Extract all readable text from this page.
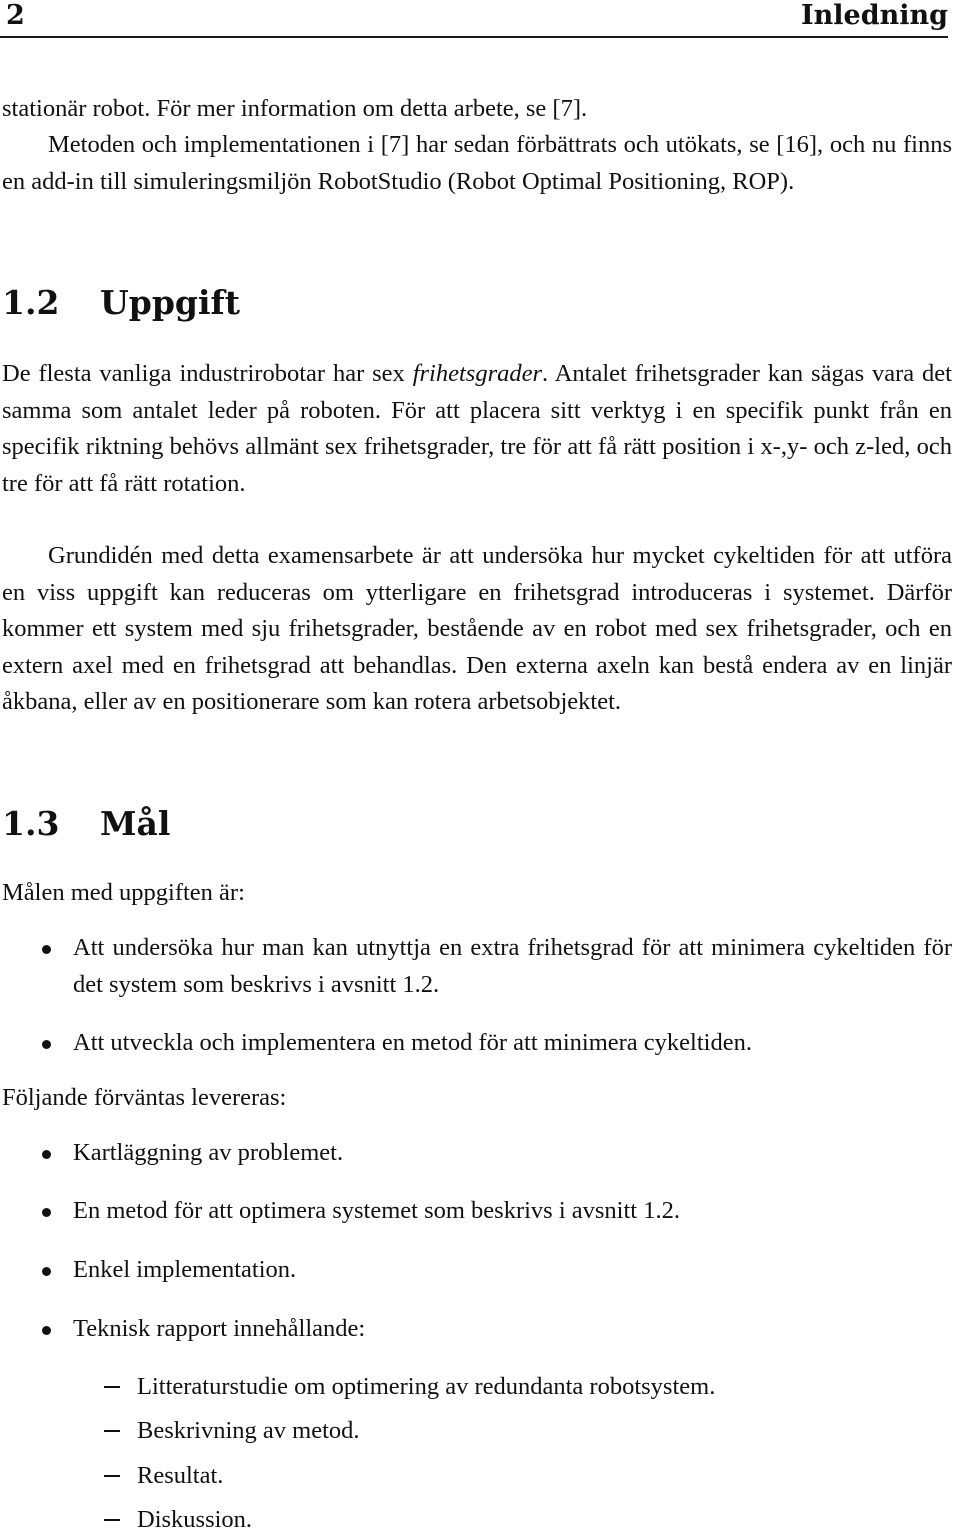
2	Inledning

stationär robot. För mer information om detta arbete, se [7].

Metoden och implementationen i [7] har sedan förbättrats och utökats, se [16], och nu finns en add-in till simuleringsmiljön RobotStudio (Robot Optimal Positioning, ROP).

1.2 Uppgift

De flesta vanliga industrirobotar har sex frihetsgrader. Antalet frihetsgrader kan sägas vara det samma som antalet leder på roboten. För att placera sitt verktyg i en specifik punkt från en specifik riktning behövs allmänt sex frihetsgrader, tre för att få rätt position i x-,y- och z-led, och tre för att få rätt rotation.

Grundidén med detta examensarbete är att undersöka hur mycket cykeltiden för att utföra en viss uppgift kan reduceras om ytterligare en frihetsgrad introduceras i systemet. Därför kommer ett system med sju frihetsgrader, bestående av en robot med sex frihetsgrader, och en extern axel med en frihetsgrad att behandlas. Den externa axeln kan bestå endera av en linjär åkbana, eller av en positionerare som kan rotera arbetsobjektet.

1.3 Mål

Målen med uppgiften är:

Att undersöka hur man kan utnyttja en extra frihetsgrad för att minimera cykeltiden för det system som beskrivs i avsnitt 1.2.
Att utveckla och implementera en metod för att minimera cykeltiden.

Följande förväntas levereras:

Kartläggning av problemet.
En metod för att optimera systemet som beskrivs i avsnitt 1.2.
Enkel implementation.
Teknisk rapport innehållande:
Litteraturstudie om optimering av redundanta robotsystem.
Beskrivning av metod.
Resultat.
Diskussion.
